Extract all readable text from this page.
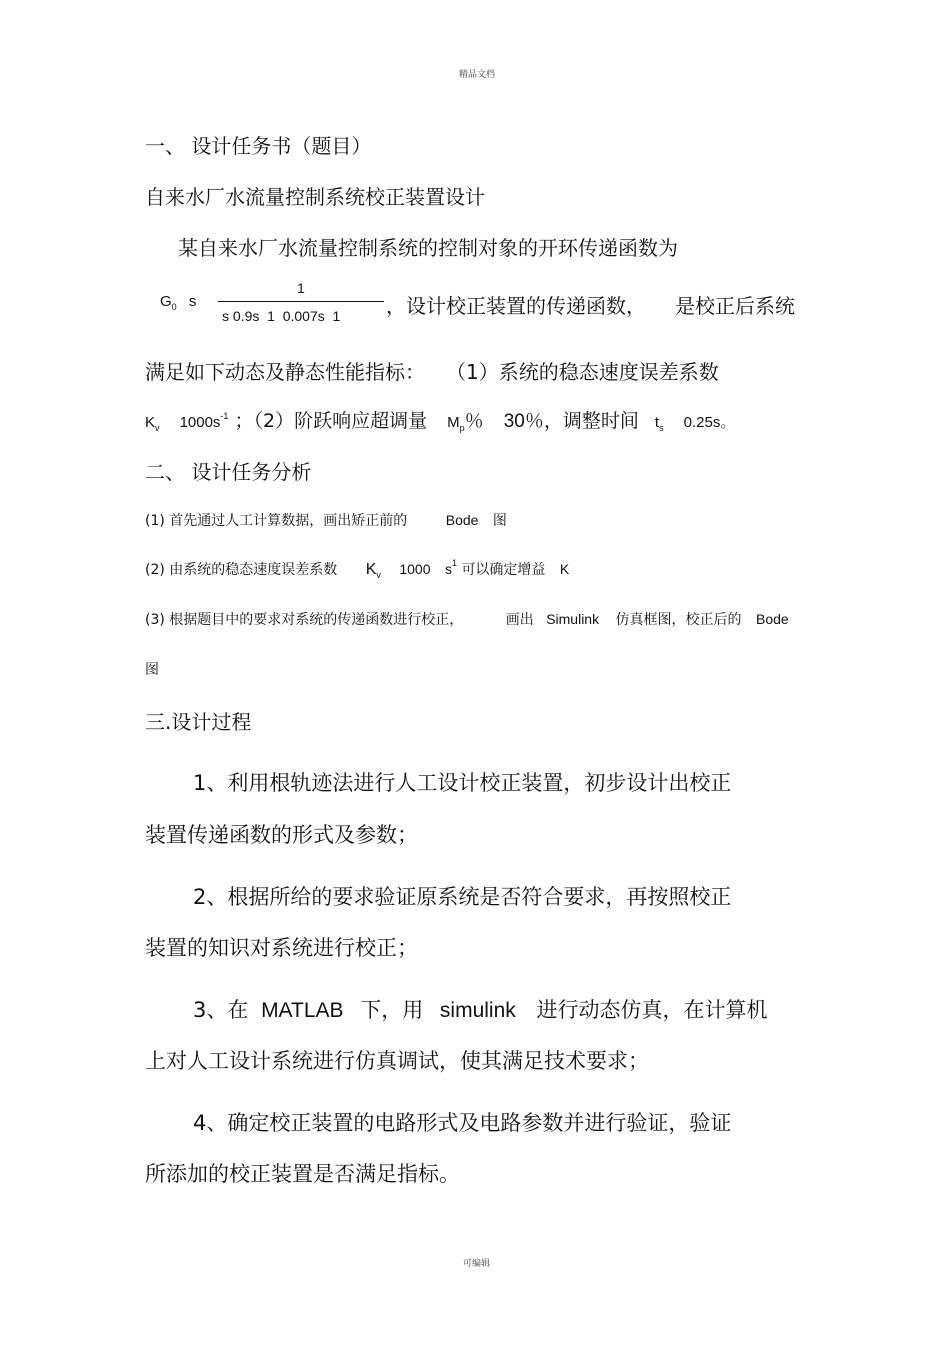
精品文档
一、 设计任务书（题目）
自来水厂水流量控制系统校正装置设计
某自来水厂水流量控制系统的控制对象的开环传递函数为
$G_0$ s
1
s 0.9s  1  0.007s  1 ，设计校正装置的传递函数， 是校正后系统
满足如下动态及静态性能指标： （1）系统的稳态速度误差系数
$K_v$ $1000s^{-1}$ ；（2）阶跃响应超调量 $M_p$％ 30％，调整时间 $t_s$ 0.25s。
二、 设计任务分析
(1) 首先通过人工计算数据，画出矫正前的	Bode 图
(2) 由系统的稳态速度误差系数 $K_v$ 1000 $s^1$ 可以确定增益 K
(3) 根据题目中的要求对系统的传递函数进行校正，	画出 Simulink 仿真框图，校正后的 Bode
图
三.设计过程
1、利用根轨迹法进行人工设计校正装置，初步设计出校正
装置传递函数的形式及参数；
2、根据所给的要求验证原系统是否符合要求，再按照校正
装置的知识对系统进行校正；
3、在 MATLAB 下，用 simulink 进行动态仿真，在计算机
上对人工设计系统进行仿真调试，使其满足技术要求；
4、确定校正装置的电路形式及电路参数并进行验证，验证
所添加的校正装置是否满足指标。
可编辑
